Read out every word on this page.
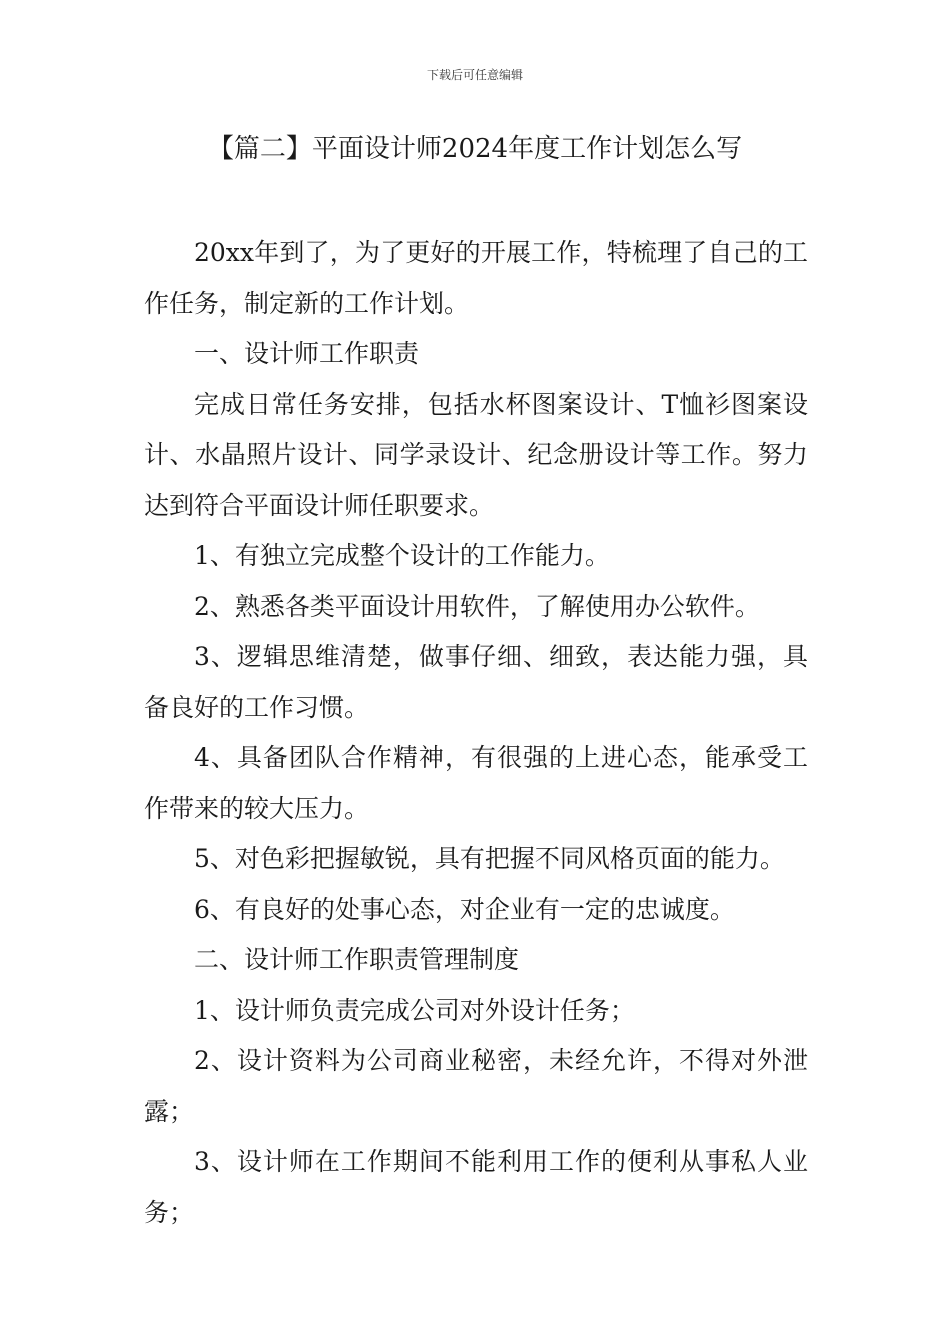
下载后可任意编辑
【篇二】平面设计师2024年度工作计划怎么写

20xx年到了，为了更好的开展工作，特梳理了自己的工作任务，制定新的工作计划。

一、设计师工作职责

完成日常任务安排，包括水杯图案设计、T恤衫图案设计、水晶照片设计、同学录设计、纪念册设计等工作。努力达到符合平面设计师任职要求。

1、有独立完成整个设计的工作能力。

2、熟悉各类平面设计用软件，了解使用办公软件。

3、逻辑思维清楚，做事仔细、细致，表达能力强，具备良好的工作习惯。

4、具备团队合作精神，有很强的上进心态，能承受工作带来的较大压力。

5、对色彩把握敏锐，具有把握不同风格页面的能力。

6、有良好的处事心态，对企业有一定的忠诚度。

二、设计师工作职责管理制度

1、设计师负责完成公司对外设计任务；

2、设计资料为公司商业秘密，未经允许，不得对外泄露；

3、设计师在工作期间不能利用工作的便利从事私人业务；
